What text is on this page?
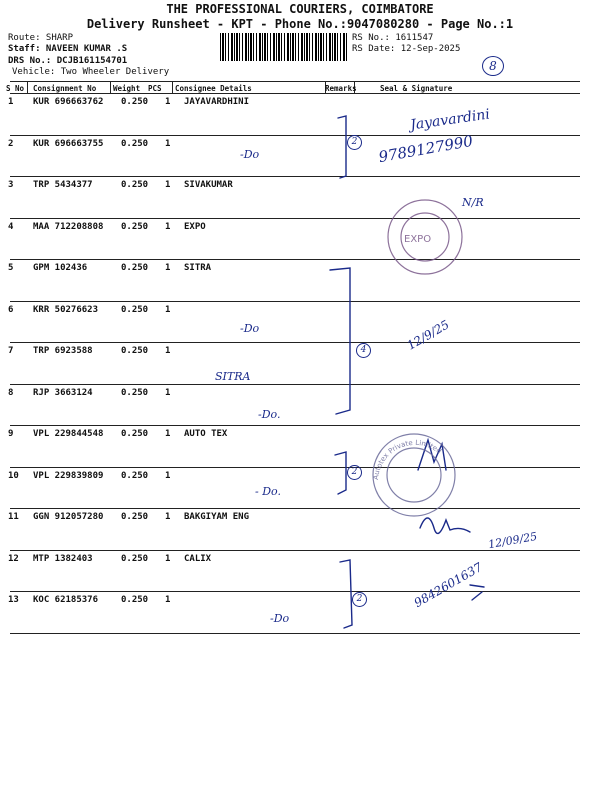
THE PROFESSIONAL COURIERS, COIMBATORE
Delivery Runsheet - KPT - Phone No.:9047080280 - Page No.:1
Route: SHARP
Staff: NAVEEN KUMAR .S
DRS No.: DCJB161154701
Vehicle: Two Wheeler Delivery
RS No.: 1611547
RS Date: 12-Sep-2025
8
S No Consignment No Weight PCS Consignee Details	Remarks	Seal & Signature
1 KUR 696663762 0.250 1 JAYAVARDHINI
2 KUR 696663755 0.250 1
3 TRP 5434377	0.250 1 SIVAKUMAR
4 MAA 712208808 0.250 1 EXPO
5 GPM 102436	0.250 1 SITRA
6 KRR 50276623	0.250 1
7 TRP 6923588	0.250 1
8 RJP 3663124	0.250 1
9 VPL 229844548 0.250 1 AUTO TEX
10 VPL 229839809 0.250 1
11 GGN 912057280 0.250 1 BAKGIYAM ENG
12 MTP 1382403	0.250 1 CALIX
13 KOC 62185376	0.250 1
-Do
-Do
SITRA
-Do.
- Do.
-Do
Jayavardini
9789127990
N/R
12/9/25
12/09/25
9842601637
2
4
2
2
EXPO
Autotex Private Limited
